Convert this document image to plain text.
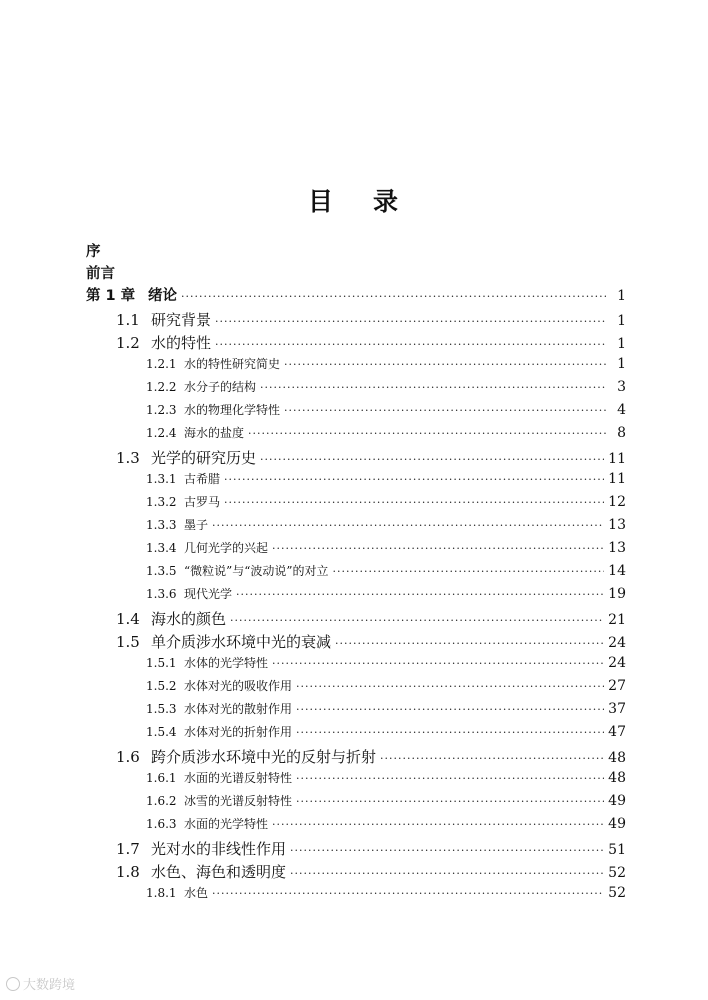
目 录
序
前言
第 1 章 绪论 ·····	1
1.1 研究背景 ·····	1
1.2 水的特性 ·····	1
1.2.1 水的特性研究简史 ·····	1
1.2.2 水分子的结构 ·····	3
1.2.3 水的物理化学特性 ·····	4
1.2.4 海水的盐度 ·····	8
1.3 光学的研究历史 ·····	11
1.3.1 古希腊 ·····	11
1.3.2 古罗马 ·····	12
1.3.3 墨子 ·····	13
1.3.4 几何光学的兴起 ·····	13
1.3.5 “微粒说”与“波动说”的对立 ·····	14
1.3.6 现代光学 ·····	19
1.4 海水的颜色 ·····	21
1.5 单介质涉水环境中光的衰减 ·····	24
1.5.1 水体的光学特性 ·····	24
1.5.2 水体对光的吸收作用 ·····	27
1.5.3 水体对光的散射作用 ·····	37
1.5.4 水体对光的折射作用 ·····	47
1.6 跨介质涉水环境中光的反射与折射 ·····	48
1.6.1 水面的光谱反射特性 ·····	48
1.6.2 冰雪的光谱反射特性 ·····	49
1.6.3 水面的光学特性 ·····	49
1.7 光对水的非线性作用 ·····	51
1.8 水色、海色和透明度 ·····	52
1.8.1 水色 ·····	52
大数跨境
